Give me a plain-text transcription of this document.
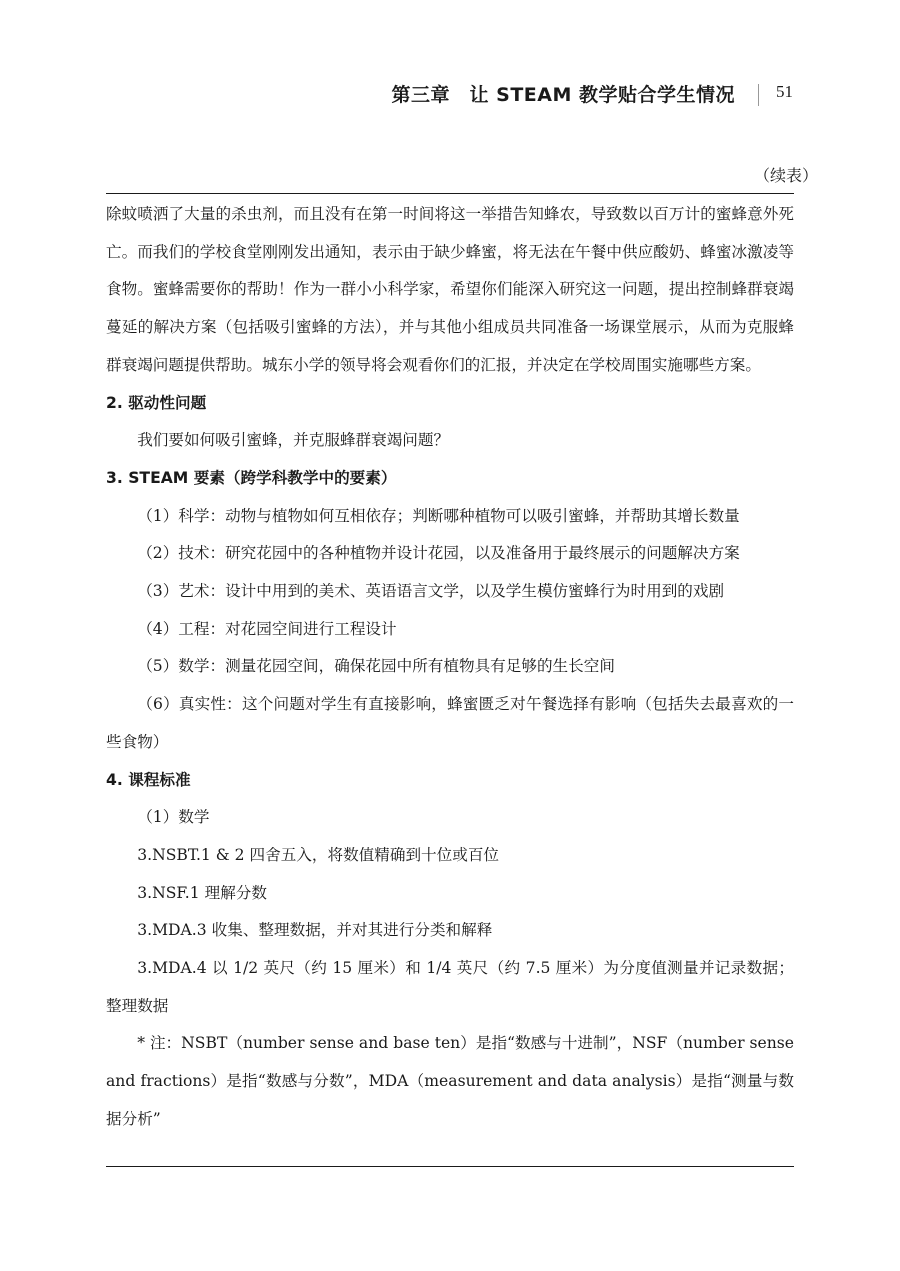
第三章　让 STEAM 教学贴合学生情况 51
（续表）

除蚊喷洒了大量的杀虫剂，而且没有在第一时间将这一举措告知蜂农，导致数以百万计的蜜蜂意外死亡。而我们的学校食堂刚刚发出通知，表示由于缺少蜂蜜，将无法在午餐中供应酸奶、蜂蜜冰激凌等食物。蜜蜂需要你的帮助！作为一群小小科学家，希望你们能深入研究这一问题，提出控制蜂群衰竭蔓延的解决方案（包括吸引蜜蜂的方法），并与其他小组成员共同准备一场课堂展示，从而为克服蜂群衰竭问题提供帮助。城东小学的领导将会观看你们的汇报，并决定在学校周围实施哪些方案。

2. 驱动性问题

我们要如何吸引蜜蜂，并克服蜂群衰竭问题？

3. STEAM 要素（跨学科教学中的要素）

（1）科学：动物与植物如何互相依存；判断哪种植物可以吸引蜜蜂，并帮助其增长数量

（2）技术：研究花园中的各种植物并设计花园，以及准备用于最终展示的问题解决方案

（3）艺术：设计中用到的美术、英语语言文学，以及学生模仿蜜蜂行为时用到的戏剧

（4）工程：对花园空间进行工程设计

（5）数学：测量花园空间，确保花园中所有植物具有足够的生长空间

（6）真实性：这个问题对学生有直接影响，蜂蜜匮乏对午餐选择有影响（包括失去最喜欢的一些食物）

4. 课程标准

（1）数学

3.NSBT.1 & 2 四舍五入，将数值精确到十位或百位

3.NSF.1 理解分数

3.MDA.3 收集、整理数据，并对其进行分类和解释

3.MDA.4 以 1/2 英尺（约 15 厘米）和 1/4 英尺（约 7.5 厘米）为分度值测量并记录数据；整理数据

* 注：NSBT（number sense and base ten）是指“数感与十进制”，NSF（number sense and fractions）是指“数感与分数”，MDA（measurement and data analysis）是指“测量与数据分析”
